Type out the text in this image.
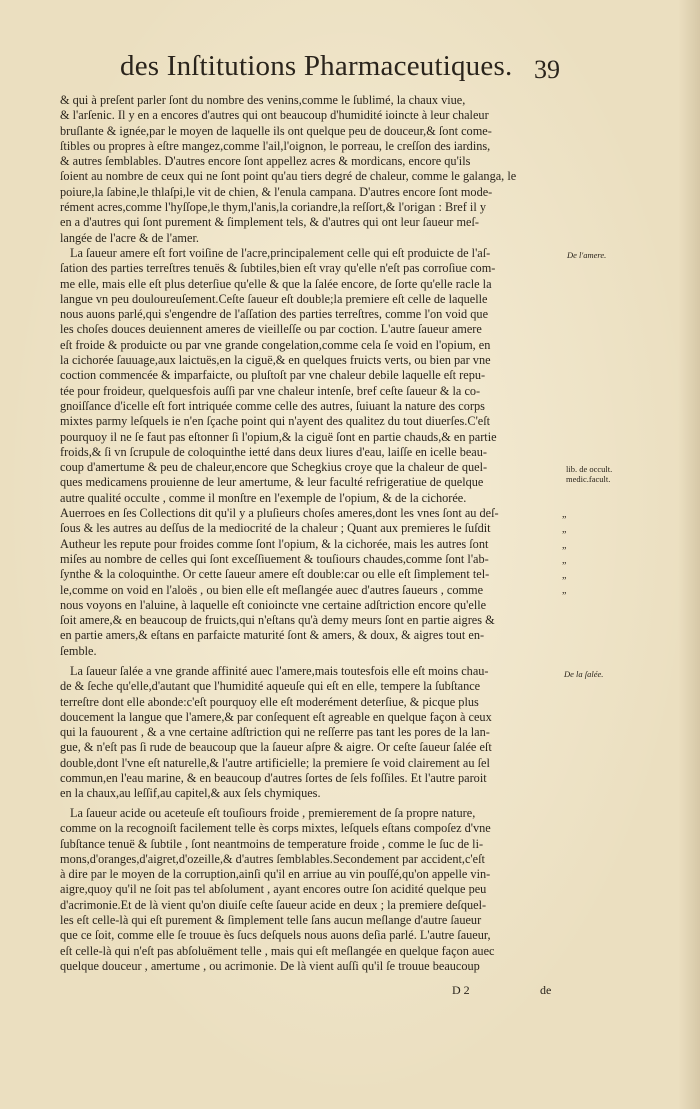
des Inſtitutions Pharmaceutiques. 39
& qui à preſent parler ſont du nombre des venins,comme le ſublimé, la chaux viue,
& l'arſenic. Il y en a encores d'autres qui ont beaucoup d'humidité ioincte à leur chaleur
bruſlante & ignée,par le moyen de laquelle ils ont quelque peu de douceur,& ſont come-
ſtibles ou propres à eſtre mangez,comme l'ail,l'oignon, le porreau, le creſſon des iardins,
& autres ſemblables. D'autres encore ſont appellez acres & mordicans, encore qu'ils
ſoient au nombre de ceux qui ne ſont point qu'au tiers degré de chaleur, comme le galanga, le
poiure,la ſabine,le thlaſpi,le vit de chien, & l'enula campana. D'autres encore ſont mode-
rément acres,comme l'hyſſope,le thym,l'anis,la coriandre,la reſſort,& l'origan : Bref il y
en a d'autres qui ſont purement & ſimplement tels, & d'autres qui ont leur ſaueur meſ-
langée de l'acre & de l'amer.
De l'amere.
La ſaueur amere eſt fort voiſine de l'acre,principalement celle qui eſt produicte de l'aſ-
ſation des parties terreſtres tenuës & ſubtiles,bien eſt vray qu'elle n'eſt pas corroſiue com-
me elle, mais elle eſt plus deterſiue qu'elle & que la ſalée encore, de ſorte qu'elle racle la
langue vn peu douloureuſement.Ceſte ſaueur eſt double;la premiere eſt celle de laquelle
nous auons parlé,qui s'engendre de l'aſſation des parties terreſtres, comme l'on void que
les choſes douces deuiennent ameres de vieilleſſe ou par coction. L'autre ſaueur amere
eſt froide & produicte ou par vne grande congelation,comme cela ſe void en l'opium, en
la cichorée ſauuage,aux laictuës,en la ciguë,& en quelques fruicts verts, ou bien par vne
coction commencée & imparfaicte, ou pluſtoſt par vne chaleur debile laquelle eſt repu-
tée pour froideur, quelquesfois auſſi par vne chaleur intenſe, bref ceſte ſaueur & la co-
gnoiſſance d'icelle eſt fort intriquée comme celle des autres, ſuiuant la nature des corps
mixtes parmy leſquels ie n'en ſçache point qui n'ayent des qualitez du tout diuerſes.C'eſt
pourquoy il ne ſe faut pas eſtonner ſi l'opium,& la ciguë ſont en partie chauds,& en partie
froids,& ſi vn ſcrupule de coloquinthe ietté dans deux liures d'eau, laiſſe en icelle beau-
coup d'amertume & peu de chaleur,encore que Schegkius croye que la chaleur de quel-
ques medicamens prouienne de leur amertume, & leur faculté refrigeratiue de quelque
autre qualité occulte , comme il monſtre en l'exemple de l'opium, & de la cichorée.
Auerroes en ſes Collections dit qu'il y a pluſieurs choſes ameres,dont les vnes ſont au deſ-
ſous & les autres au deſſus de la mediocrité de la chaleur ; Quant aux premieres le ſuſdit
Autheur les repute pour froides comme ſont l'opium, & la cichorée, mais les autres ſont
miſes au nombre de celles qui ſont exceſſiuement & touſiours chaudes,comme ſont l'ab-
ſynthe & la coloquinthe. Or cette ſaueur amere eſt double:car ou elle eſt ſimplement tel-
le,comme on void en l'aloës , ou bien elle eſt meſlangée auec d'autres ſaueurs , comme
nous voyons en l'aluine, à laquelle eſt conioincte vne certaine adſtriction encore qu'elle
ſoit amere,& en beaucoup de fruicts,qui n'eſtans qu'à demy meurs ſont en partie aigres &
en partie amers,& eſtans en parfaicte maturité ſont & amers, & doux, & aigres tout en-
ſemble.
lib. de occult. medic.facult.
„
„
„
„
„
„
De la ſalée.
La ſaueur ſalée a vne grande affinité auec l'amere,mais toutesfois elle eſt moins chau-
de & ſeche qu'elle,d'autant que l'humidité aqueuſe qui eſt en elle, tempere la ſubſtance
terreſtre dont elle abonde:c'eſt pourquoy elle eſt moderément deterſiue, & picque plus
doucement la langue que l'amere,& par conſequent eſt agreable en quelque façon à ceux
qui la fauourent , & a vne certaine adſtriction qui ne reſſerre pas tant les pores de la lan-
gue, & n'eſt pas ſi rude de beaucoup que la ſaueur aſpre & aigre. Or ceſte ſaueur ſalée eſt
double,dont l'vne eſt naturelle,& l'autre artificielle; la premiere ſe void clairement au ſel
commun,en l'eau marine, & en beaucoup d'autres ſortes de ſels foſſiles. Et l'autre paroit
en la chaux,au leſſif,au capitel,& aux ſels chymiques.
La ſaueur acide ou aceteuſe eſt touſiours froide , premierement de ſa propre nature,
comme on la recognoiſt facilement telle ès corps mixtes, leſquels eſtans compoſez d'vne
ſubſtance tenuë & ſubtile , ſont neantmoins de temperature froide , comme le ſuc de li-
mons,d'oranges,d'aigret,d'ozeille,& d'autres ſemblables.Secondement par accident,c'eſt
à dire par le moyen de la corruption,ainſi qu'il en arriue au vin pouſſé,qu'on appelle vin-
aigre,quoy qu'il ne ſoit pas tel abſolument , ayant encores outre ſon acidité quelque peu
d'acrimonie.Et de là vient qu'on diuiſe ceſte ſaueur acide en deux ; la premiere deſquel-
les eſt celle-là qui eſt purement & ſimplement telle ſans aucun meſlange d'autre ſaueur
que ce ſoit, comme elle ſe trouue ès ſucs deſquels nous auons deſia parlé. L'autre ſaueur,
eſt celle-là qui n'eſt pas abſoluëment telle , mais qui eſt meſlangée en quelque façon auec
quelque douceur , amertume , ou acrimonie. De là vient auſſi qu'il ſe trouue beaucoup
D 2	de
